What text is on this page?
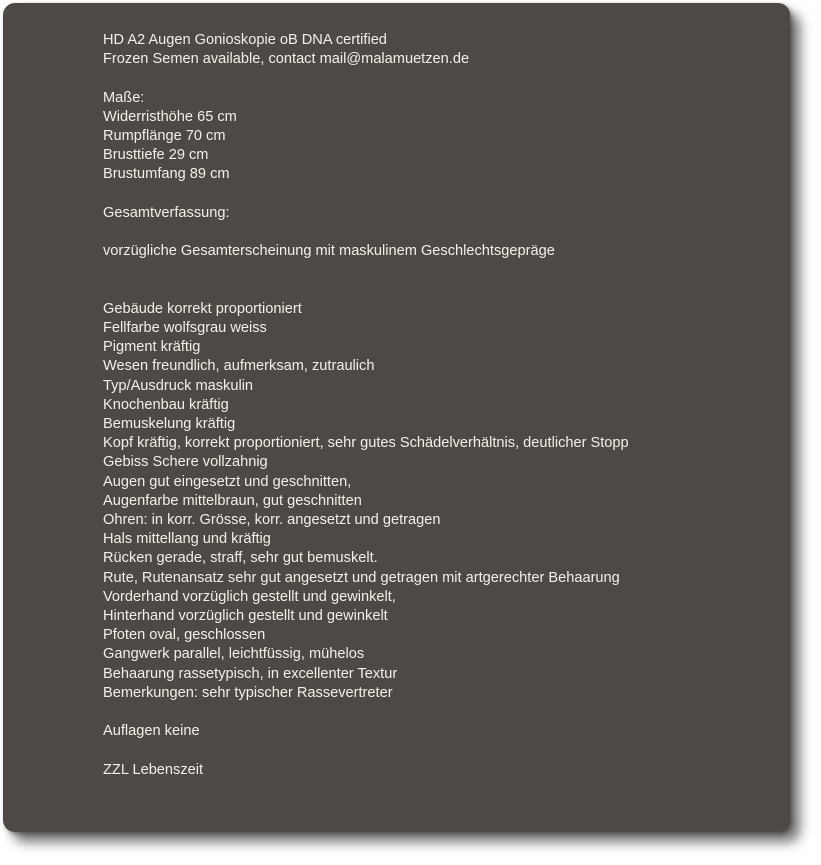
HD A2 Augen Gonioskopie oB DNA certified
Frozen Semen available, contact mail@malamuetzen.de
Maße:
Widerristhöhe 65 cm
Rumpflänge 70 cm
Brusttiefe 29 cm
Brustumfang 89 cm
Gesamtverfassung:
vorzügliche Gesamterscheinung mit maskulinem Geschlechtsgepräge
Gebäude korrekt proportioniert
Fellfarbe wolfsgrau weiss
Pigment kräftig
Wesen freundlich, aufmerksam, zutraulich
Typ/Ausdruck maskulin
Knochenbau kräftig
Bemuskelung kräftig
Kopf kräftig, korrekt proportioniert, sehr gutes Schädelverhältnis, deutlicher Stopp
Gebiss Schere vollzahnig
Augen gut eingesetzt und geschnitten,
Augenfarbe mittelbraun, gut geschnitten
Ohren: in korr. Grösse, korr. angesetzt und getragen
Hals mittellang und kräftig
Rücken gerade, straff, sehr gut bemuskelt.
Rute, Rutenansatz sehr gut angesetzt und getragen mit artgerechter Behaarung
Vorderhand vorzüglich gestellt und gewinkelt,
Hinterhand vorzüglich gestellt und gewinkelt
Pfoten oval, geschlossen
Gangwerk parallel, leichtfüssig, mühelos
Behaarung rassetypisch, in excellenter Textur
Bemerkungen: sehr typischer Rassevertreter
Auflagen keine
ZZL Lebenszeit
